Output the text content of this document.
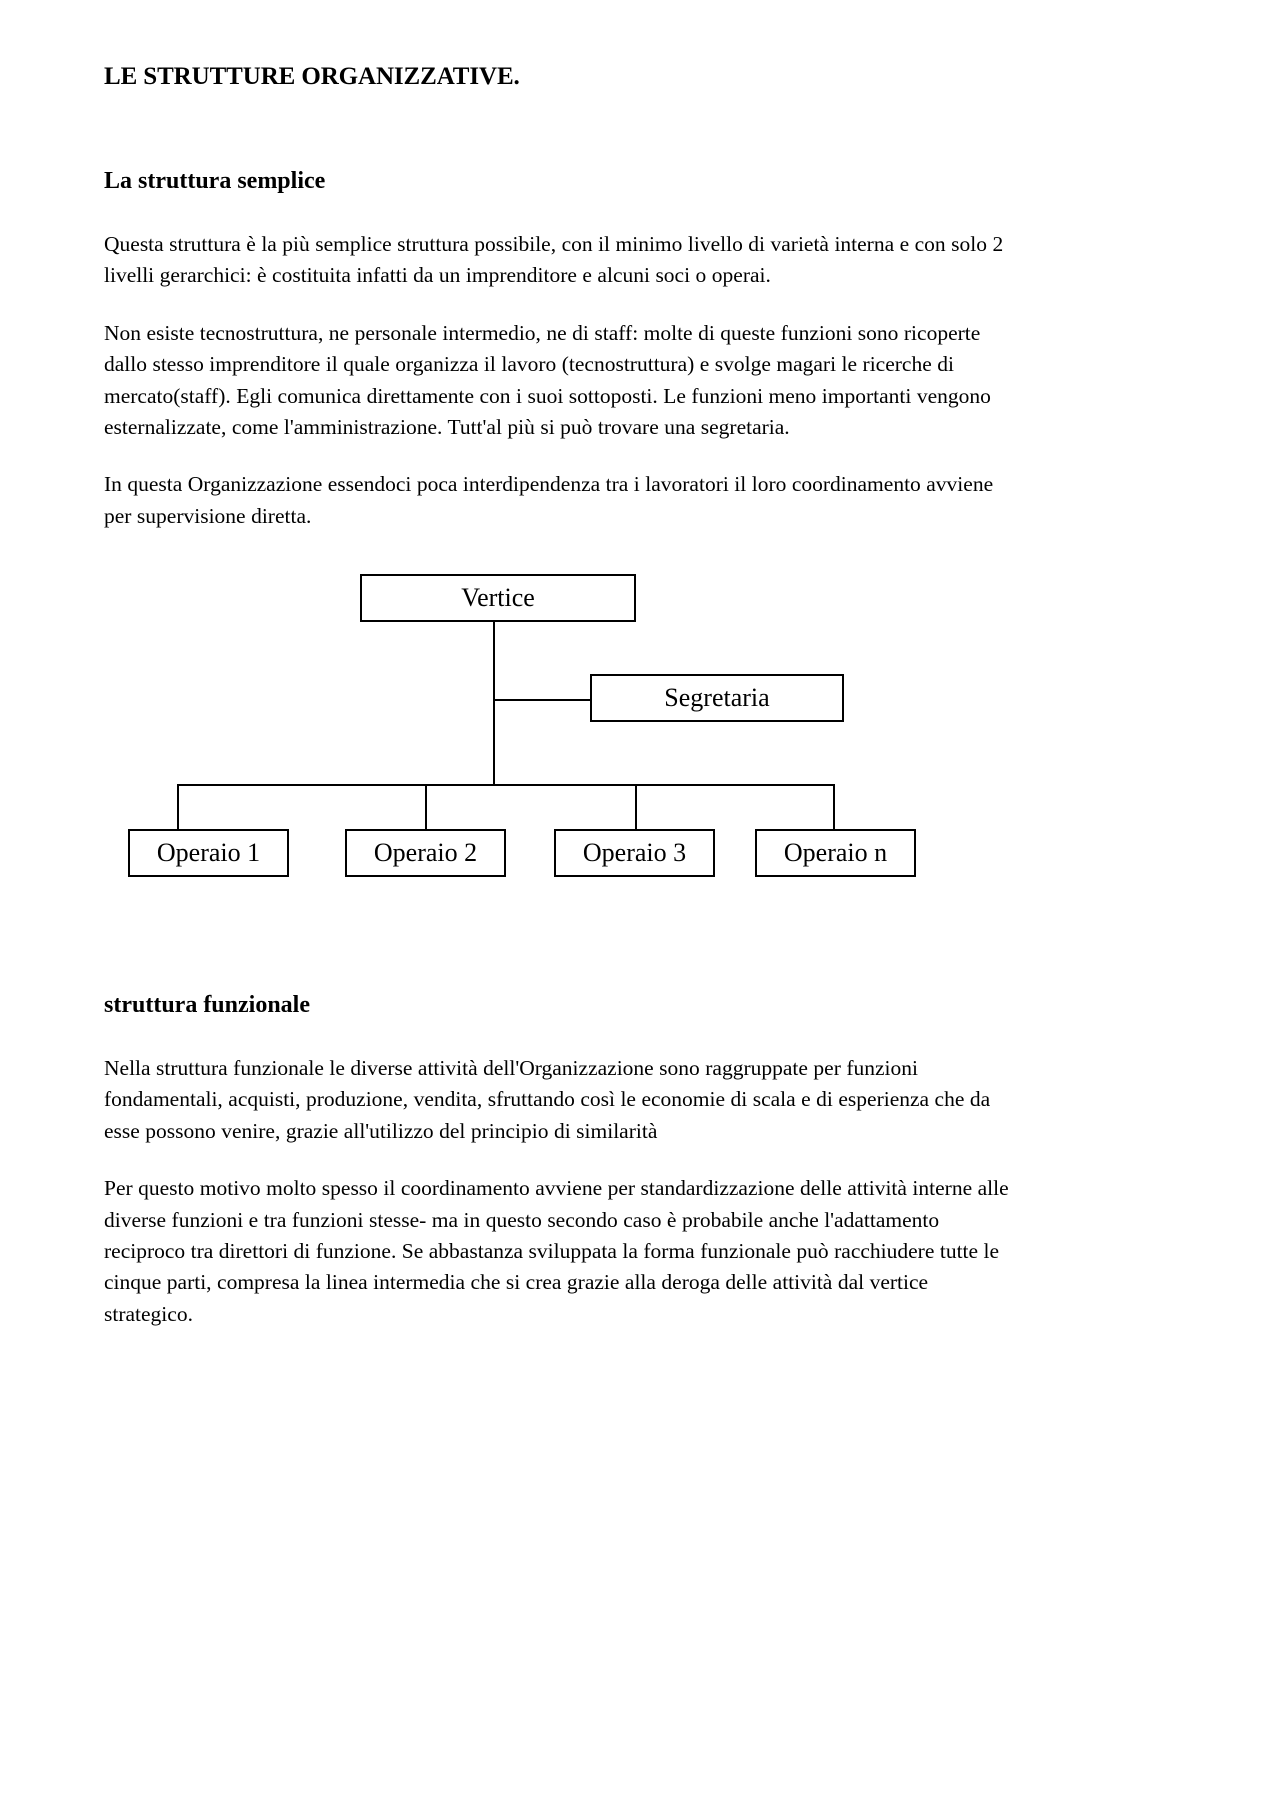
LE STRUTTURE ORGANIZZATIVE.
La struttura semplice

Questa struttura è la più semplice struttura possibile, con il minimo livello di varietà interna e con solo 2 livelli gerarchici: è costituita infatti da un imprenditore e alcuni soci o operai.

Non esiste tecnostruttura, ne personale intermedio, ne di staff: molte di queste funzioni sono ricoperte dallo stesso imprenditore il quale organizza il lavoro (tecnostruttura) e svolge magari le ricerche di mercato(staff). Egli comunica direttamente con i suoi sottoposti. Le funzioni meno importanti vengono esternalizzate, come l'amministrazione. Tutt'al più si può trovare una segretaria.

In questa Organizzazione essendoci poca interdipendenza tra i lavoratori il loro coordinamento avviene per supervisione diretta.

Vertice
Segretaria
Operaio 1	Operaio 2	Operaio 3	Operaio n
struttura funzionale

Nella struttura funzionale le diverse attività dell'Organizzazione sono raggruppate per funzioni fondamentali, acquisti, produzione, vendita, sfruttando così le economie di scala e di esperienza che da esse possono venire, grazie all'utilizzo del principio di similarità

Per questo motivo molto spesso il coordinamento avviene per standardizzazione delle attività interne alle diverse funzioni e tra funzioni stesse- ma in questo secondo caso è probabile anche l'adattamento reciproco tra direttori di funzione. Se abbastanza sviluppata la forma funzionale può racchiudere tutte le cinque parti, compresa la linea intermedia che si crea grazie alla deroga delle attività dal vertice strategico.
